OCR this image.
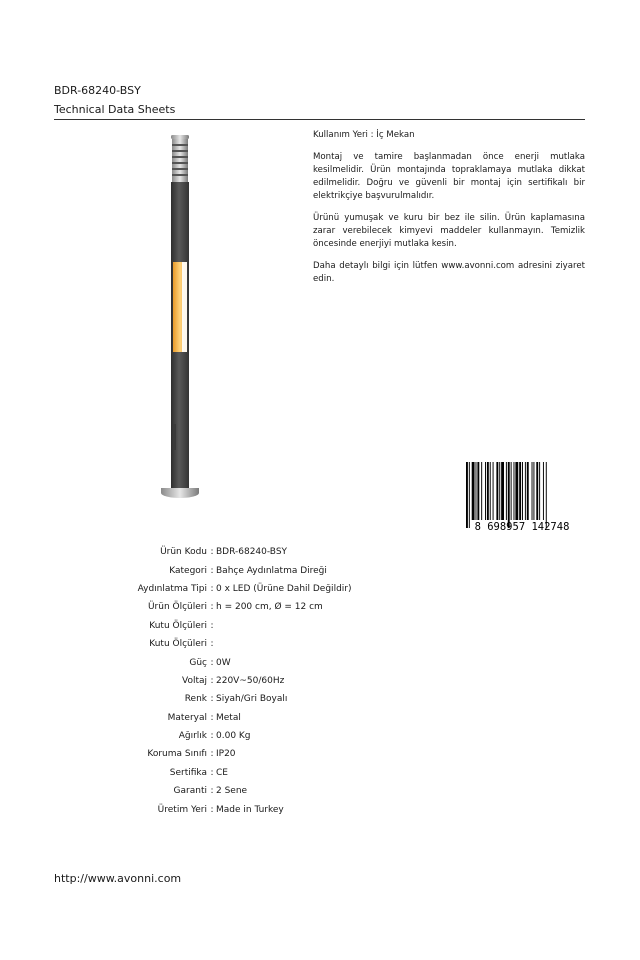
BDR-68240-BSY
Technical Data Sheets
Kullanım Yeri : İç Mekan
Montaj ve tamire başlanmadan önce enerji mutlaka kesilmelidir. Ürün montajında topraklamaya mutlaka dikkat edilmelidir. Doğru ve güvenli bir montaj için sertifikalı bir elektrikçiye başvurulmalıdır.
Ürünü yumuşak ve kuru bir bez ile silin. Ürün kaplamasına zarar verebilecek kimyevi maddeler kullanmayın. Temizlik öncesinde enerjiyi mutlaka kesin.
Daha detaylı bilgi için lütfen www.avonni.com adresini ziyaret edin.
8 698957 142748
Ürün Kodu : BDR-68240-BSY
Kategori : Bahçe Aydınlatma Direği
Aydınlatma Tipi : 0 x LED (Ürüne Dahil Değildir)
Ürün Ölçüleri : h = 200 cm, Ø = 12 cm
Kutu Ölçüleri :
Kutu Ölçüleri :
Güç : 0W
Voltaj : 220V~50/60Hz
Renk : Siyah/Gri Boyalı
Materyal : Metal
Ağırlık : 0.00 Kg
Koruma Sınıfı : IP20
Sertifika : CE
Garanti : 2 Sene
Üretim Yeri : Made in Turkey
http://www.avonni.com
